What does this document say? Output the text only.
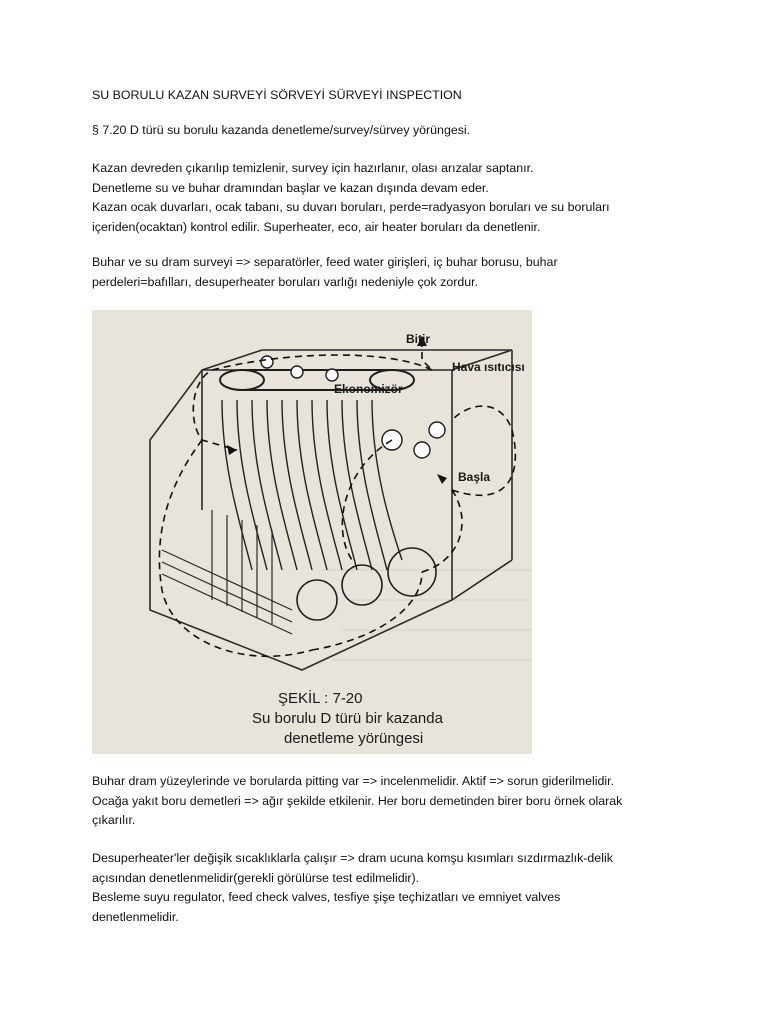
SU BORULU KAZAN SURVEYİ SÖRVEYİ SÜRVEYİ INSPECTION

§ 7.20 D türü su borulu kazanda denetleme/survey/sürvey yörüngesi.

Kazan devreden çıkarılıp temizlenir, survey için hazırlanır, olası arızalar saptanır.
Denetleme su ve buhar dramından başlar ve kazan dışında devam eder.
Kazan ocak duvarları, ocak tabanı, su duvarı boruları, perde=radyasyon boruları ve su boruları
içeriden(ocaktan) kontrol edilir. Superheater, eco, air heater boruları da denetlenir.

Buhar ve su dram surveyi => separatörler, feed water girişleri, iç buhar borusu, buhar
perdeleri=bafılları, desuperheater boruları varlığı nedeniyle çok zordur.

Bitir
Hava ısıtıcısı
Ekonomizör
Başla
ŞEKİL : 7-20
Su borulu D türü bir kazanda
denetleme yörüngesi

Buhar dram yüzeylerinde ve borularda pitting var => incelenmelidir. Aktif => sorun giderilmelidir.
Ocağa yakıt boru demetleri => ağır şekilde etkilenir. Her boru demetinden birer boru örnek olarak
çıkarılır.

Desuperheater'ler değişik sıcaklıklarla çalışır => dram ucuna komşu kısımları sızdırmazlık-delik
açısından denetlenmelidir(gerekli görülürse test edilmelidir).
Besleme suyu regulator, feed check valves, tesfiye şişe teçhizatları ve emniyet valves
denetlenmelidir.
